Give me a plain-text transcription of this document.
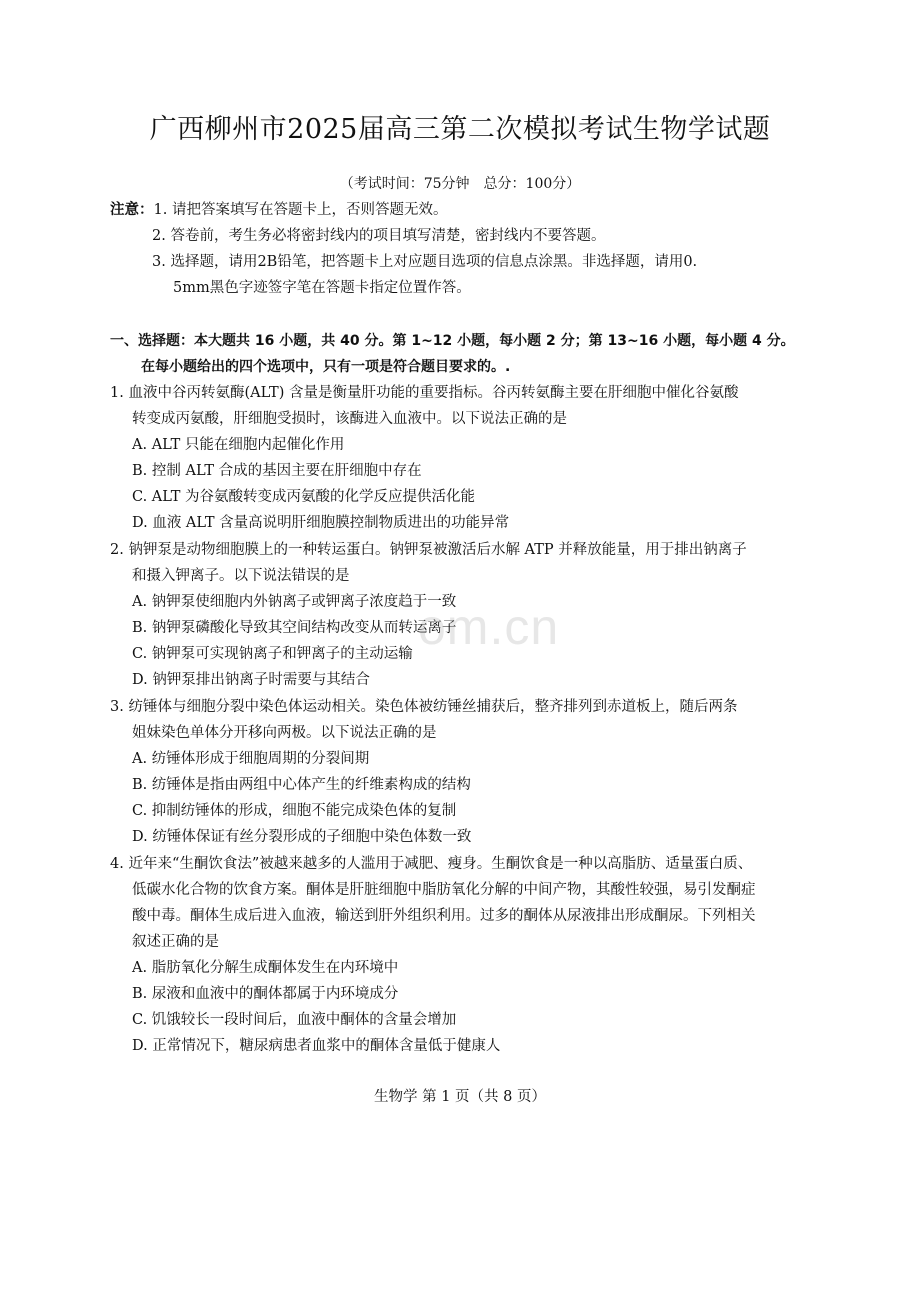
广西柳州市2025届高三第二次模拟考试生物学试题
（考试时间：75分钟　总分：100分）
注意：1. 请把答案填写在答题卡上，否则答题无效。
2. 答卷前，考生务必将密封线内的项目填写清楚，密封线内不要答题。
3. 选择题，请用2B铅笔，把答题卡上对应题目选项的信息点涂黑。非选择题，请用0.
5mm黑色字迹签字笔在答题卡指定位置作答。
一、选择题：本大题共 16 小题，共 40 分。第 1~12 小题，每小题 2 分；第 13~16 小题，每小题 4 分。
在每小题给出的四个选项中，只有一项是符合题目要求的。.
1. 血液中谷丙转氨酶(ALT) 含量是衡量肝功能的重要指标。谷丙转氨酶主要在肝细胞中催化谷氨酸
转变成丙氨酸，肝细胞受损时，该酶进入血液中。以下说法正确的是
A. ALT 只能在细胞内起催化作用
B. 控制 ALT 合成的基因主要在肝细胞中存在
C. ALT 为谷氨酸转变成丙氨酸的化学反应提供活化能
D. 血液 ALT 含量高说明肝细胞膜控制物质进出的功能异常
2. 钠钾泵是动物细胞膜上的一种转运蛋白。钠钾泵被激活后水解 ATP 并释放能量，用于排出钠离子
和摄入钾离子。以下说法错误的是
A. 钠钾泵使细胞内外钠离子或钾离子浓度趋于一致
B. 钠钾泵磷酸化导致其空间结构改变从而转运离子
C. 钠钾泵可实现钠离子和钾离子的主动运输
D. 钠钾泵排出钠离子时需要与其结合
3. 纺锤体与细胞分裂中染色体运动相关。染色体被纺锤丝捕获后，整齐排列到赤道板上，随后两条
姐妹染色单体分开移向两极。以下说法正确的是
A. 纺锤体形成于细胞周期的分裂间期
B. 纺锤体是指由两组中心体产生的纤维素构成的结构
C. 抑制纺锤体的形成，细胞不能完成染色体的复制
D. 纺锤体保证有丝分裂形成的子细胞中染色体数一致
4. 近年来“生酮饮食法”被越来越多的人滥用于减肥、瘦身。生酮饮食是一种以高脂肪、适量蛋白质、
低碳水化合物的饮食方案。酮体是肝脏细胞中脂肪氧化分解的中间产物，其酸性较强，易引发酮症
酸中毒。酮体生成后进入血液，输送到肝外组织利用。过多的酮体从尿液排出形成酮尿。下列相关
叙述正确的是
A. 脂肪氧化分解生成酮体发生在内环境中
B. 尿液和血液中的酮体都属于内环境成分
C. 饥饿较长一段时间后，血液中酮体的含量会增加
D. 正常情况下，糖尿病患者血浆中的酮体含量低于健康人
om.cn
生物学 第 1 页（共 8 页）
